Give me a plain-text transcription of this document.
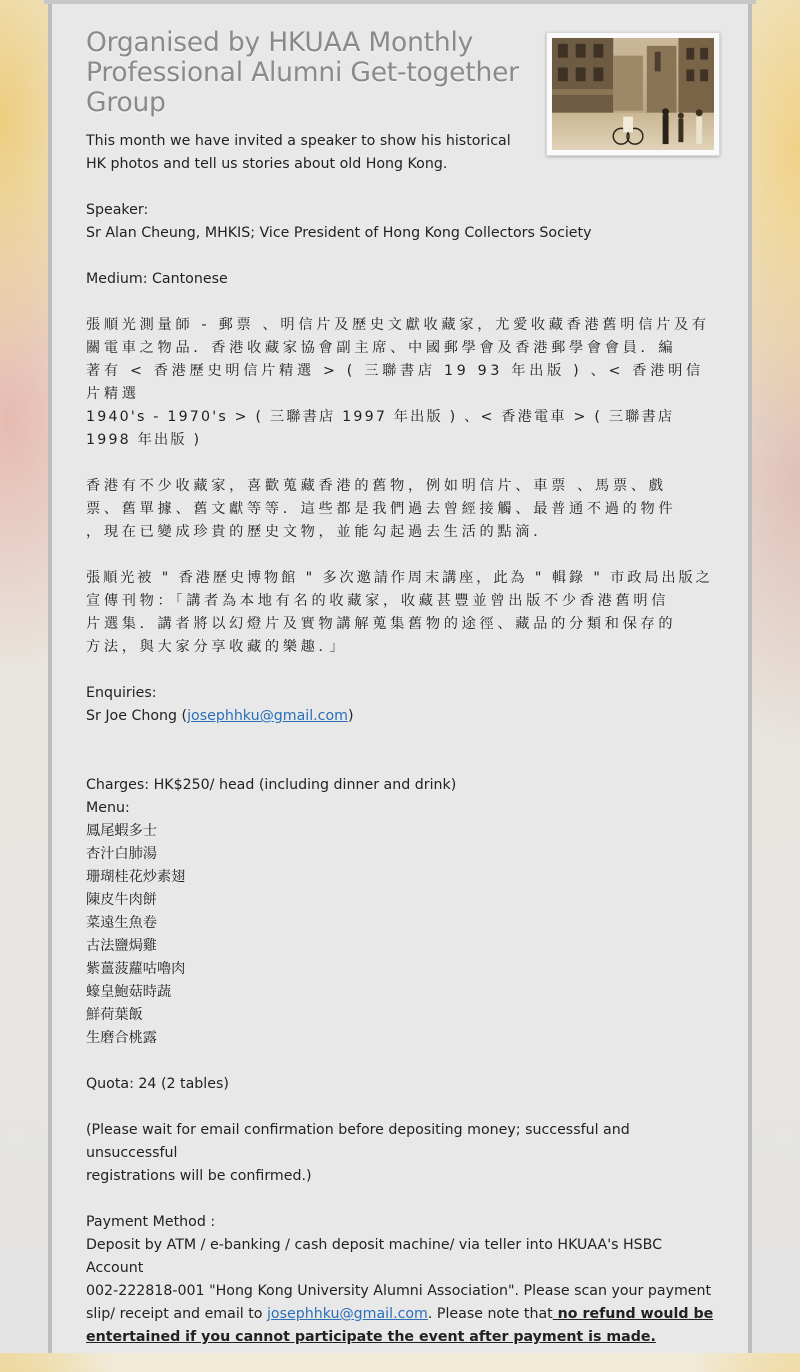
Organised by HKUAA Monthly Professional Alumni Get-together Group
This month we have invited a speaker to show his historical
HK photos and tell us stories about old Hong Kong.
Speaker:
Sr Alan Cheung, MHKIS; Vice President of Hong Kong Collectors Society
Medium: Cantonese
張順光測量師 - 郵票 、明信片及歷史文獻收藏家，尤愛收藏香港舊明信片及有
關電車之物品．香港收藏家協會副主席、中國郵學會及香港郵學會會員．編
著有 < 香港歷史明信片精選 > ( 三聯書店 19 93 年出版 ) 、< 香港明信片精選
1940's - 1970's > ( 三聯書店 1997 年出版 ) 、< 香港電車 > ( 三聯書店 1998 年出版 )
香港有不少收藏家，喜歡蒐藏香港的舊物，例如明信片、車票 、馬票、戲
票、舊單據、舊文獻等等．這些都是我們過去曾經接觸、最普通不過的物件
，現在已變成珍貴的歷史文物，並能勾起過去生活的點滴．
張順光被 " 香港歷史博物館 " 多次邀請作周末講座，此為 " 輯錄 " 市政局出版之
宣傳刊物：「講者為本地有名的收藏家，收藏甚豐並曾出版不少香港舊明信
片選集．講者將以幻燈片及實物講解蒐集舊物的途徑、藏品的分類和保存的
方法，與大家分享收藏的樂趣．」
Enquiries:
Sr Joe Chong (josephhku@gmail.com)
Charges: HK$250/ head (including dinner and drink)
Menu:
鳳尾蝦多士
杏汁白肺湯
珊瑚桂花炒素翅
陳皮牛肉餅
菜遠生魚卷
古法鹽焗雞
紫薑菠蘿咕嚕肉
蠔皇鮑菇時蔬
鮮荷葉飯
生磨合桃露
Quota: 24 (2 tables)
(Please wait for email confirmation before depositing money; successful and unsuccessful
registrations will be confirmed.)
Payment Method :
Deposit by ATM / e-banking / cash deposit machine/ via teller into HKUAA's HSBC Account
002-222818-001 "Hong Kong University Alumni Association". Please scan your payment
slip/ receipt and email to josephhku@gmail.com. Please note that no refund would be
entertained if you cannot participate the event after payment is made.
